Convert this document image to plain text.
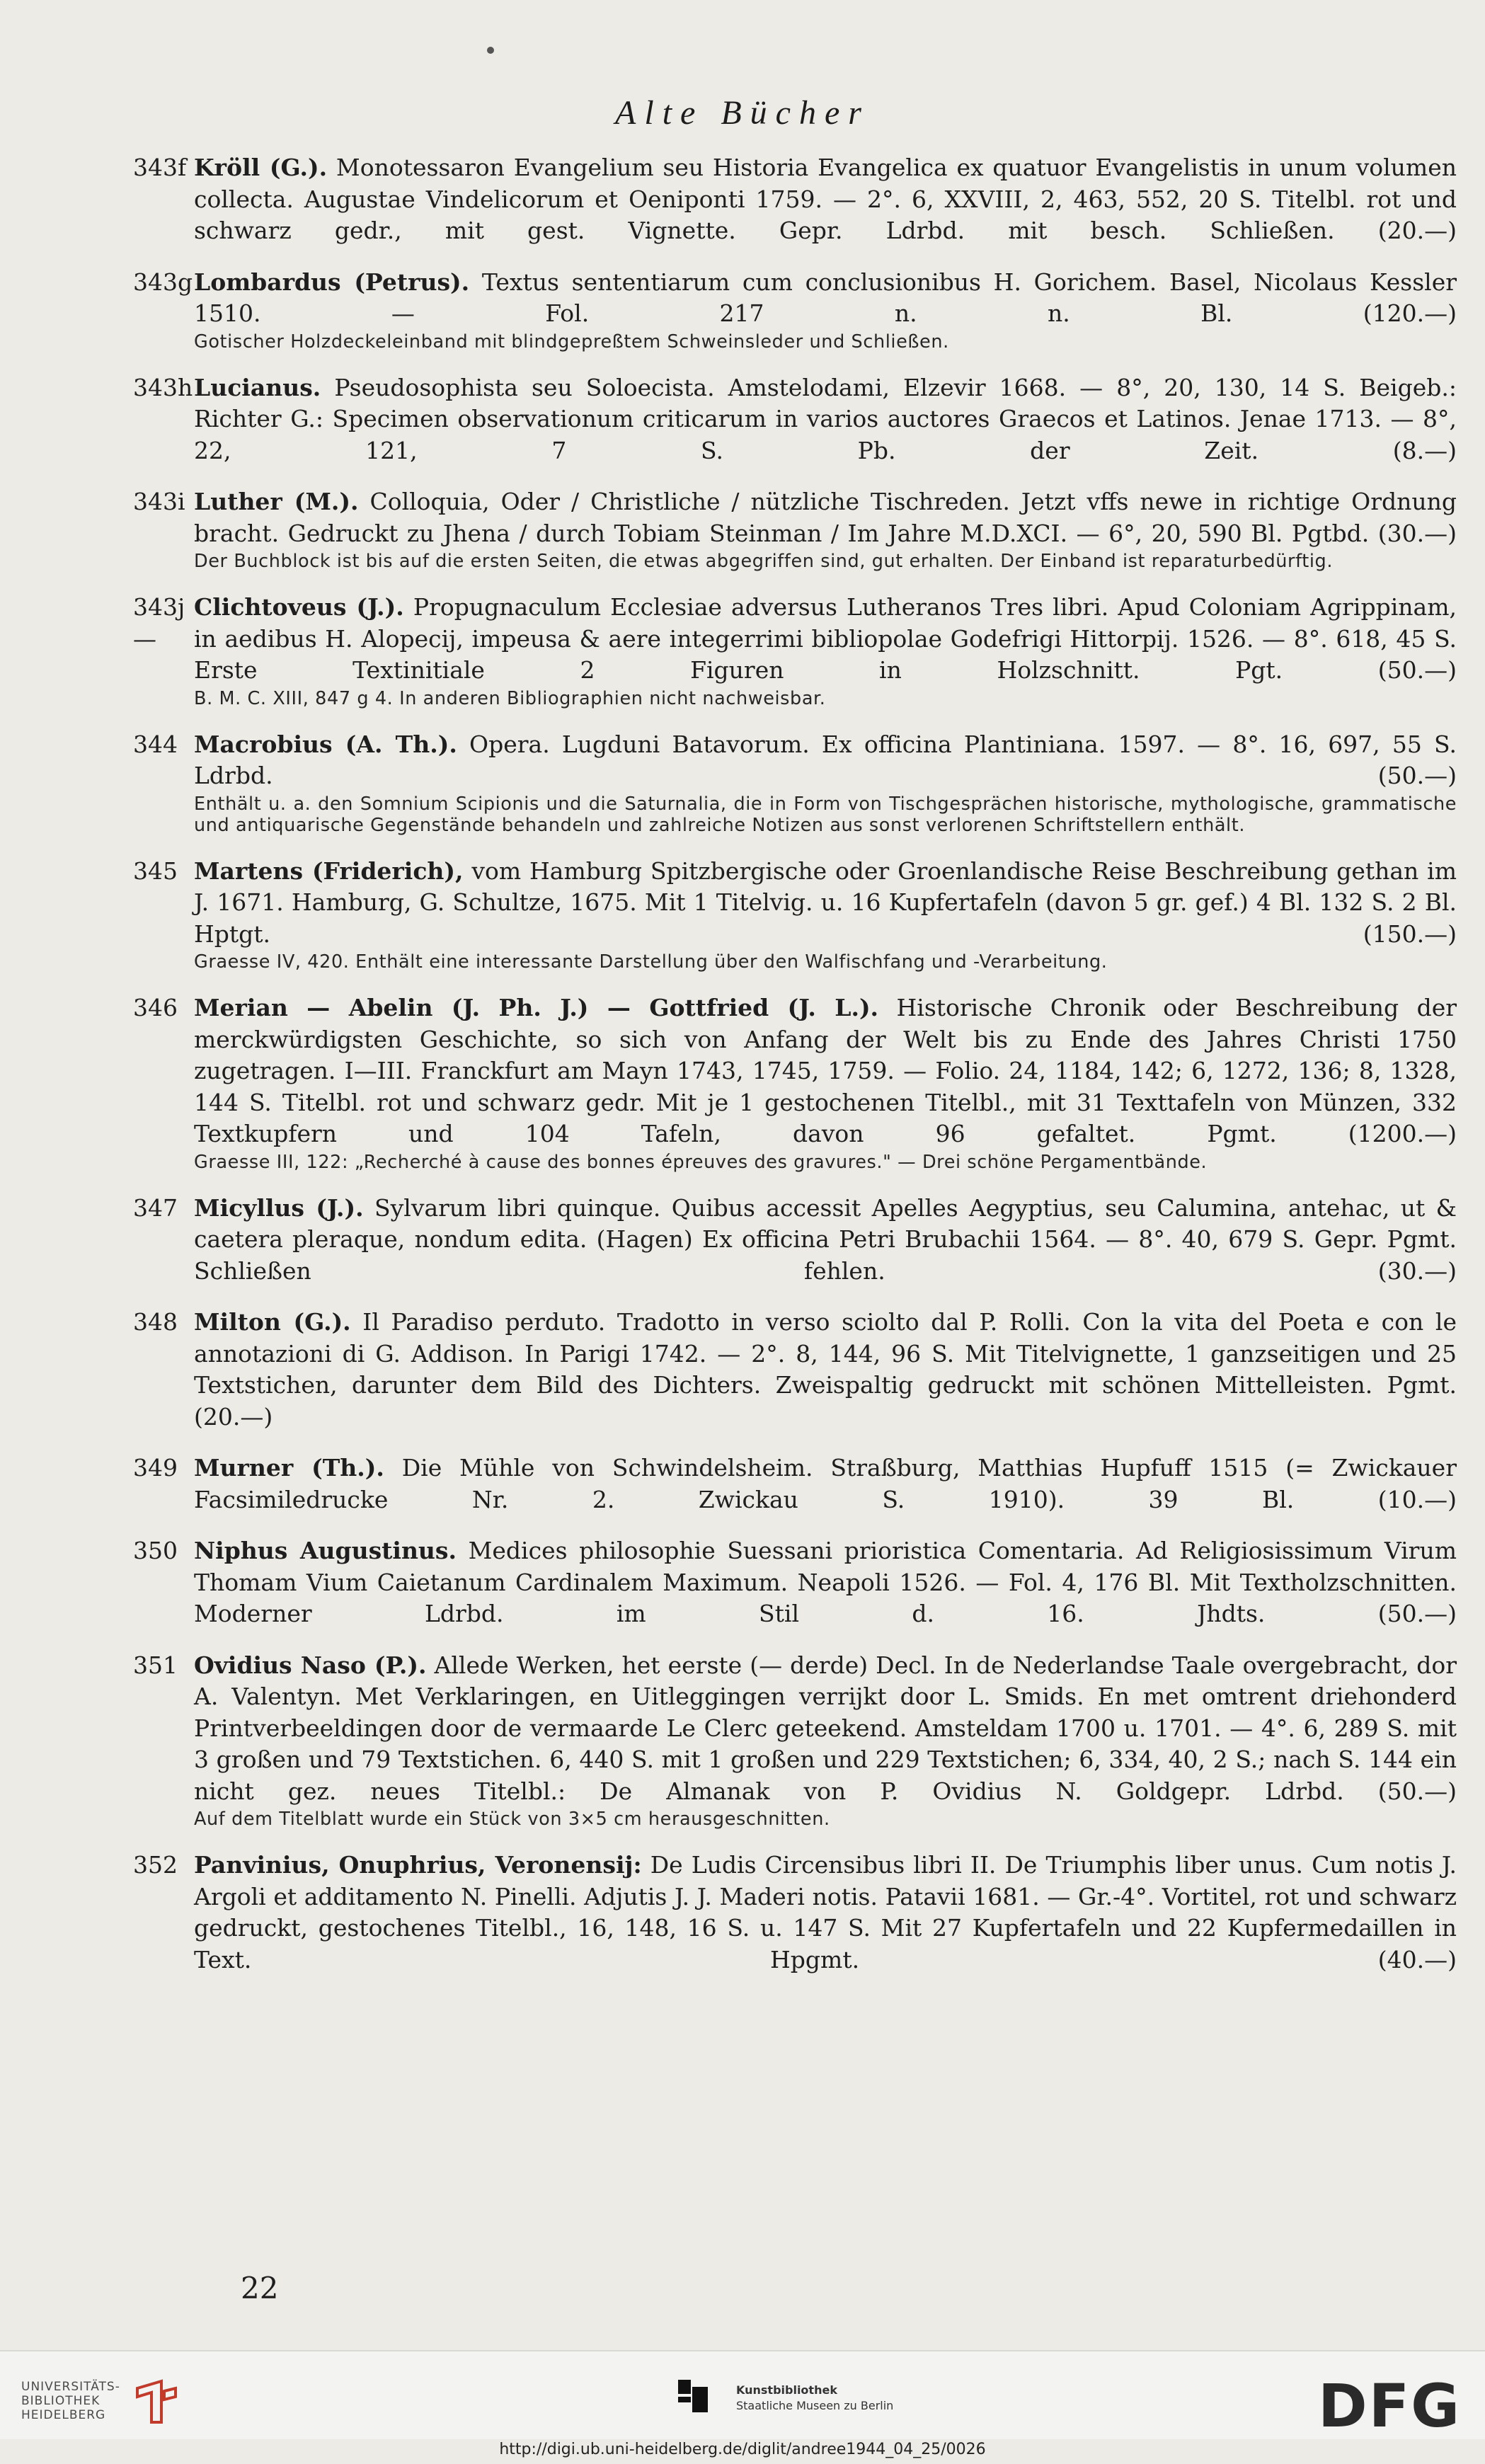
Alte Bücher
343f Kröll (G.). Monotessaron Evangelium seu Historia Evangelica ex quatuor Evangelistis in unum volumen collecta. Augustae Vindelicorum et Oeniponti 1759. — 2°. 6, XXVIII, 2, 463, 552, 20 S. Titelbl. rot und schwarz gedr., mit gest. Vignette. Gepr. Ldrbd. mit besch. Schließen. (20.—)
343g Lombardus (Petrus). Textus sententiarum cum conclusionibus H. Gorichem. Basel, Nicolaus Kessler 1510. — Fol. 217 n. n. Bl.	(120.—)
Gotischer Holzdeckeleinband mit blindgepreßtem Schweinsleder und Schließen.
343h Lucianus. Pseudosophista seu Soloecista. Amstelodami, Elzevir 1668. — 8°, 20, 130, 14 S. Beigeb.: Richter G.: Specimen observationum criticarum in varios auctores Graecos et Latinos. Jenae 1713. — 8°, 22, 121, 7 S. Pb. der Zeit.	(8.—)
343i Luther (M.). Colloquia, Oder / Christliche / nützliche Tischreden. Jetzt vffs newe in richtige Ordnung bracht. Gedruckt zu Jhena / durch Tobiam Steinman / Im Jahre M.D.XCI. — 6°, 20, 590 Bl. Pgtbd. (30.—)
Der Buchblock ist bis auf die ersten Seiten, die etwas abgegriffen sind, gut erhalten. Der Einband ist reparaturbedürftig.
343j —
Clichtoveus (J.). Propugnaculum Ecclesiae adversus Lutheranos Tres libri. Apud Coloniam Agrippinam, in aedibus H. Alopecij, impeusa & aere integerrimi bibliopolae Godefrigi Hittorpij. 1526. — 8°. 618, 45 S. Erste Textinitiale 2 Figuren in Holzschnitt. Pgt.	(50.—)
B. M. C. XIII, 847 g 4. In anderen Bibliographien nicht nachweisbar.
344 Macrobius (A. Th.). Opera. Lugduni Batavorum. Ex officina Plantiniana. 1597. — 8°. 16, 697, 55 S. Ldrbd.	(50.—)
Enthält u. a. den Somnium Scipionis und die Saturnalia, die in Form von Tischgesprächen historische, mythologische, grammatische und antiquarische Gegenstände behandeln und zahlreiche Notizen aus sonst verlorenen Schriftstellern enthält.
345 Martens (Friderich), vom Hamburg Spitzbergische oder Groenlandische Reise Beschreibung gethan im J. 1671. Hamburg, G. Schultze, 1675. Mit 1 Titelvig. u. 16 Kupfertafeln (davon 5 gr. gef.) 4 Bl. 132 S. 2 Bl. Hptgt.	(150.—)
Graesse IV, 420. Enthält eine interessante Darstellung über den Walfischfang und -Verarbeitung.
346 Merian — Abelin (J. Ph. J.) — Gottfried (J. L.). Historische Chronik oder Beschreibung der merckwürdigsten Geschichte, so sich von Anfang der Welt bis zu Ende des Jahres Christi 1750 zugetragen. I—III. Franckfurt am Mayn 1743, 1745, 1759. — Folio. 24, 1184, 142; 6, 1272, 136; 8, 1328, 144 S. Titelbl. rot und schwarz gedr. Mit je 1 gestochenen Titelbl., mit 31 Texttafeln von Münzen, 332 Textkupfern und 104 Tafeln, davon 96 gefaltet. Pgmt.	(1200.—)
Graesse III, 122: „Recherché à cause des bonnes épreuves des gravures." — Drei schöne Pergamentbände.
347 Micyllus (J.). Sylvarum libri quinque. Quibus accessit Apelles Aegyptius, seu Calumina, antehac, ut & caetera pleraque, nondum edita. (Hagen) Ex officina Petri Brubachii 1564. — 8°. 40, 679 S. Gepr. Pgmt. Schließen fehlen.	(30.—)
348 Milton (G.). Il Paradiso perduto. Tradotto in verso sciolto dal P. Rolli. Con la vita del Poeta e con le annotazioni di G. Addison. In Parigi 1742. — 2°. 8, 144, 96 S. Mit Titelvignette, 1 ganzseitigen und 25 Textstichen, darunter dem Bild des Dichters. Zweispaltig gedruckt mit schönen Mittelleisten. Pgmt. (20.—)
349 Murner (Th.). Die Mühle von Schwindelsheim. Straßburg, Matthias Hupfuff 1515 (= Zwickauer Facsimiledrucke Nr. 2. Zwickau S. 1910). 39 Bl.	(10.—)
350 Niphus Augustinus. Medices philosophie Suessani prioristica Comentaria. Ad Religiosissimum Virum Thomam Vium Caietanum Cardinalem Maximum. Neapoli 1526. — Fol. 4, 176 Bl. Mit Textholzschnitten. Moderner Ldrbd. im Stil d. 16. Jhdts.	(50.—)
351 Ovidius Naso (P.). Allede Werken, het eerste (— derde) Decl. In de Nederlandse Taale overgebracht, dor A. Valentyn. Met Verklaringen, en Uitleggingen verrijkt door L. Smids. En met omtrent driehonderd Printverbeeldingen door de vermaarde Le Clerc geteekend. Amsteldam 1700 u. 1701. — 4°. 6, 289 S. mit 3 großen und 79 Textstichen. 6, 440 S. mit 1 großen und 229 Textstichen; 6, 334, 40, 2 S.; nach S. 144 ein nicht gez. neues Titelbl.: De Almanak von P. Ovidius N. Goldgepr. Ldrbd. (50.—)
Auf dem Titelblatt wurde ein Stück von 3×5 cm herausgeschnitten.
352 Panvinius, Onuphrius, Veronensij: De Ludis Circensibus libri II. De Triumphis liber unus. Cum notis J. Argoli et additamento N. Pinelli. Adjutis J. J. Maderi notis. Patavii 1681. — Gr.-4°. Vortitel, rot und schwarz gedruckt, gestochenes Titelbl., 16, 148, 16 S. u. 147 S. Mit 27 Kupfertafeln und 22 Kupfermedaillen in Text. Hpgmt.	(40.—)
22
UNIVERSITÄTS-
BIBLIOTHEK
HEIDELBERG
Kunstbibliothek
Staatliche Museen zu Berlin	DFG
http://digi.ub.uni-heidelberg.de/diglit/andree1944_04_25/0026
